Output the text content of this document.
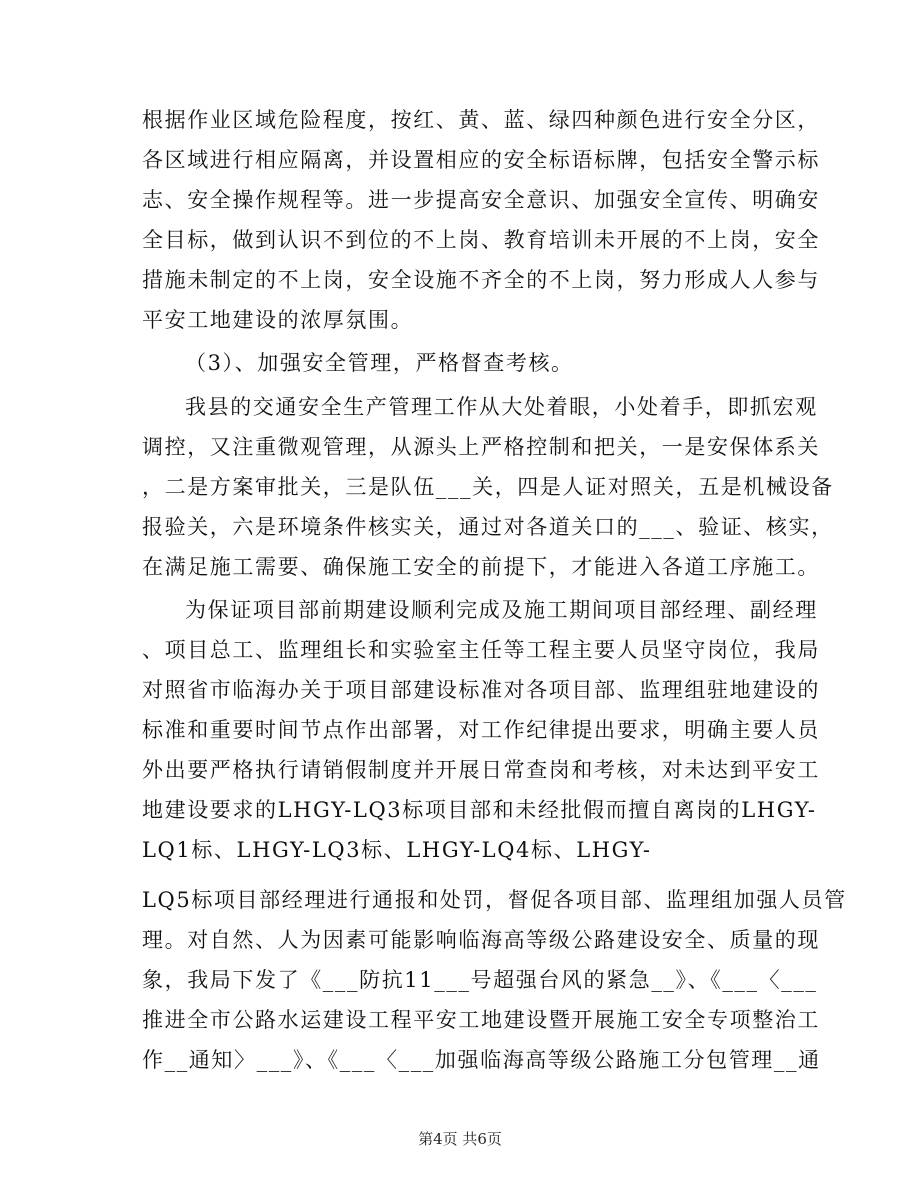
根据作业区域危险程度，按红、黄、蓝、绿四种颜色进行安全分区，
各区域进行相应隔离，并设置相应的安全标语标牌，包括安全警示标
志、安全操作规程等。进一步提高安全意识、加强安全宣传、明确安
全目标，做到认识不到位的不上岗、教育培训未开展的不上岗，安全
措施未制定的不上岗，安全设施不齐全的不上岗，努力形成人人参与
平安工地建设的浓厚氛围。
（3）、加强安全管理，严格督查考核。
我县的交通安全生产管理工作从大处着眼，小处着手，即抓宏观
调控，又注重微观管理，从源头上严格控制和把关，一是安保体系关
，二是方案审批关，三是队伍___关，四是人证对照关，五是机械设备
报验关，六是环境条件核实关，通过对各道关口的___、验证、核实，
在满足施工需要、确保施工安全的前提下，才能进入各道工序施工。
为保证项目部前期建设顺利完成及施工期间项目部经理、副经理
、项目总工、监理组长和实验室主任等工程主要人员坚守岗位，我局
对照省市临海办关于项目部建设标准对各项目部、监理组驻地建设的
标准和重要时间节点作出部署，对工作纪律提出要求，明确主要人员
外出要严格执行请销假制度并开展日常查岗和考核，对未达到平安工
地建设要求的LHGY-LQ3标项目部和未经批假而擅自离岗的LHGY-
LQ1标、LHGY-LQ3标、LHGY-LQ4标、LHGY-
LQ5标项目部经理进行通报和处罚，督促各项目部、监理组加强人员管
理。对自然、人为因素可能影响临海高等级公路建设安全、质量的现
象，我局下发了《___防抗11___号超强台风的紧急__》、《___〈___
推进全市公路水运建设工程平安工地建设暨开展施工安全专项整治工
作__通知〉___》、《___〈___加强临海高等级公路施工分包管理__通
第4页 共6页
